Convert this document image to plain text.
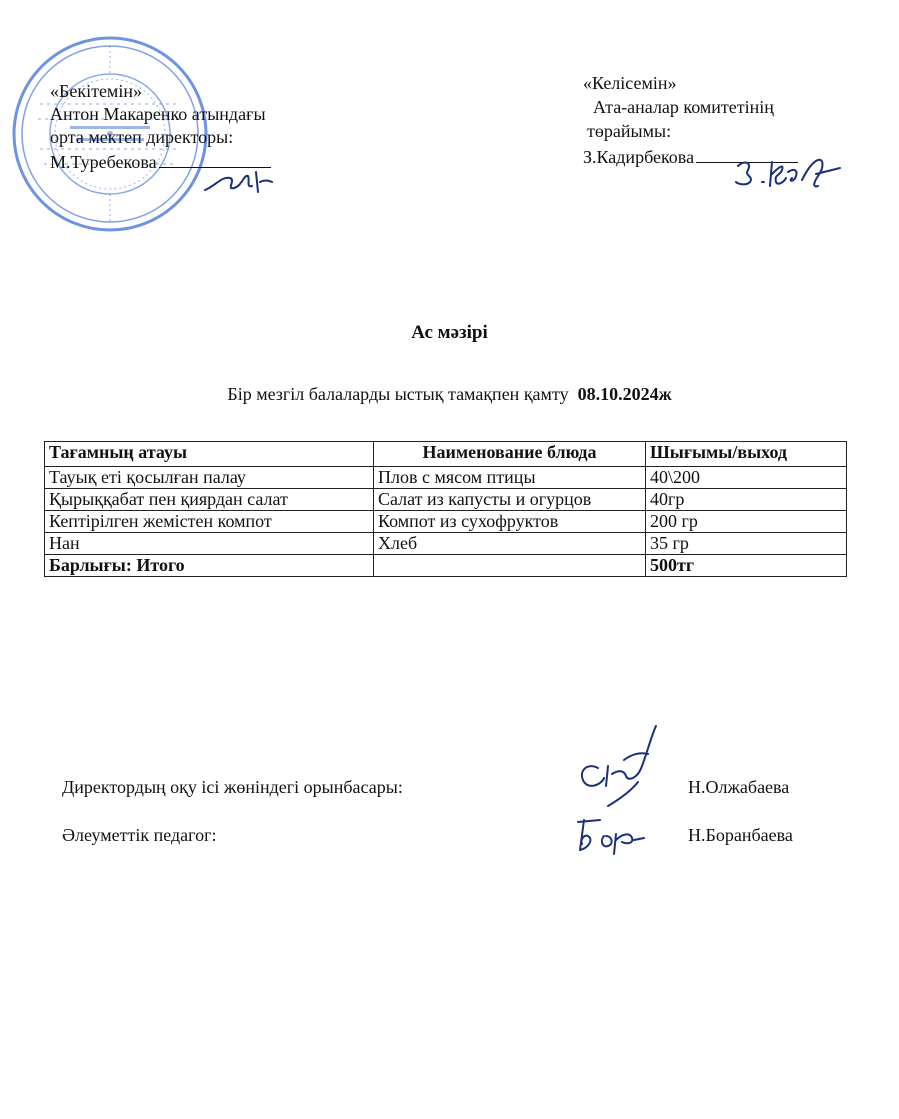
«Бекітемін»
Антон Макаренко атындағы
орта мектеп директоры:
М.Туребекова
«Келісемін»
Ата-аналар комитетінің
төрайымы:
З.Кадирбекова
Ас мәзірі
Бір мезгіл балаларды ыстық тамақпен қамту 08.10.2024ж
Тағамның атауы	Наименование блюда	Шығымы/выход
Тауық еті қосылған палау	Плов с мясом птицы	40\200
Қырыққабат пен қиярдан салат	Салат из капусты и огурцов	40гр
Кептірілген жемістен компот	Компот из сухофруктов	200 гр
Нан	Хлеб	35 гр
Барлығы: Итого		500тг
Директордың оқу ісі жөніндегі орынбасары:	Н.Олжабаева
Әлеуметтік педагог:	Н.Боранбаева
